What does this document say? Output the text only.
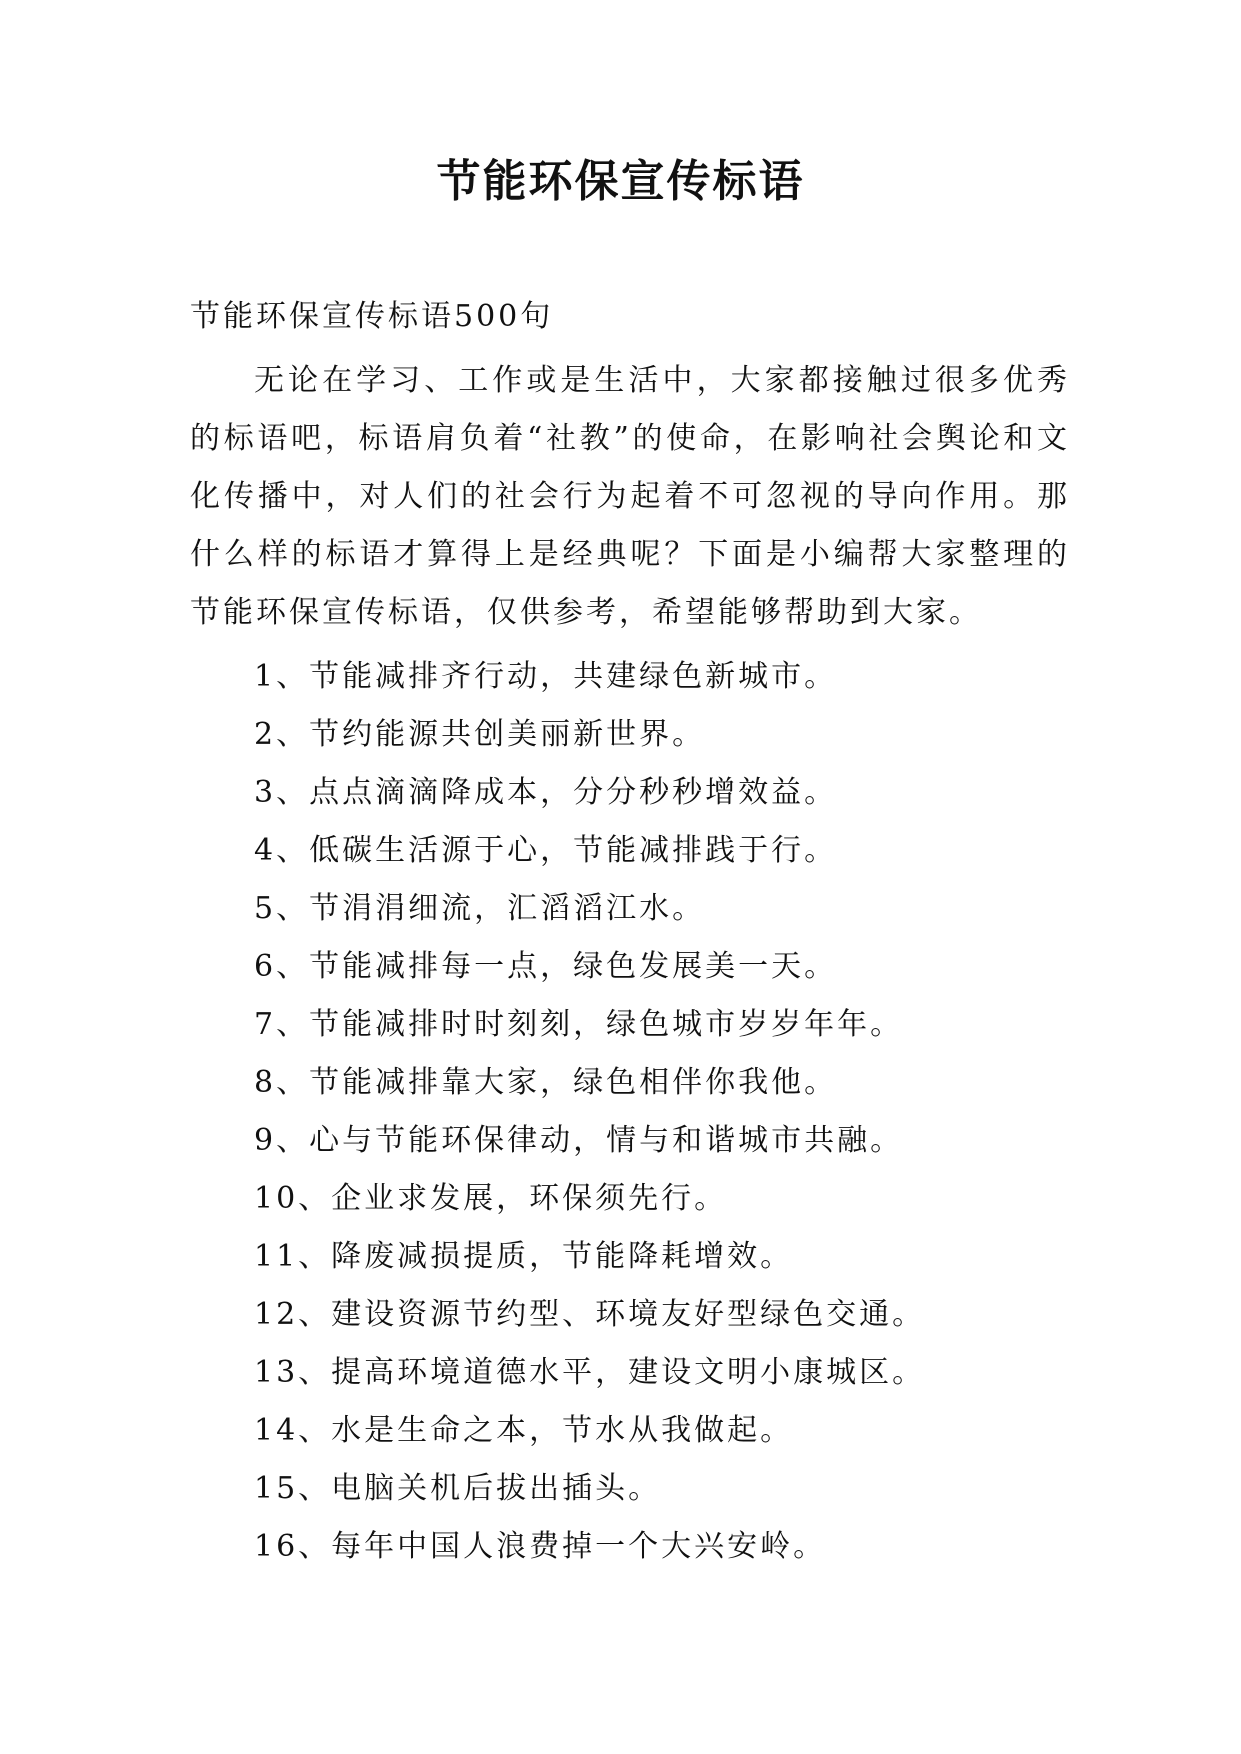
节能环保宣传标语

节能环保宣传标语500句

无论在学习、工作或是生活中，大家都接触过很多优秀的标语吧，标语肩负着“社教”的使命，在影响社会舆论和文化传播中，对人们的社会行为起着不可忽视的导向作用。那什么样的标语才算得上是经典呢？下面是小编帮大家整理的节能环保宣传标语，仅供参考，希望能够帮助到大家。

1、节能减排齐行动，共建绿色新城市。
2、节约能源共创美丽新世界。
3、点点滴滴降成本，分分秒秒增效益。
4、低碳生活源于心，节能减排践于行。
5、节涓涓细流，汇滔滔江水。
6、节能减排每一点，绿色发展美一天。
7、节能减排时时刻刻，绿色城市岁岁年年。
8、节能减排靠大家，绿色相伴你我他。
9、心与节能环保律动，情与和谐城市共融。
10、企业求发展，环保须先行。
11、降废减损提质，节能降耗增效。
12、建设资源节约型、环境友好型绿色交通。
13、提高环境道德水平，建设文明小康城区。
14、水是生命之本，节水从我做起。
15、电脑关机后拔出插头。
16、每年中国人浪费掉一个大兴安岭。
